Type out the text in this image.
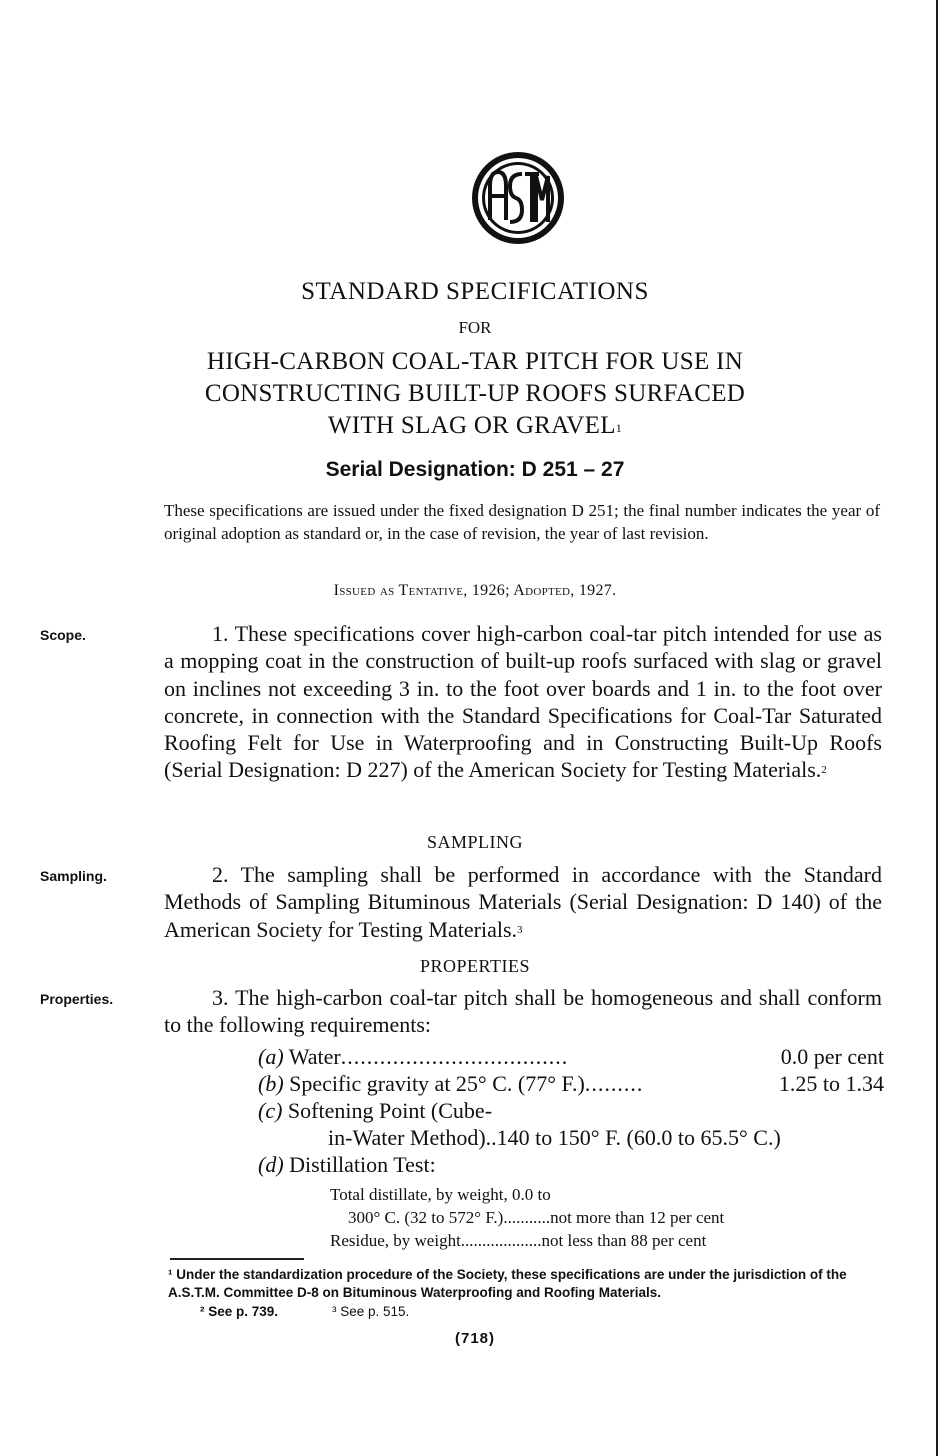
STANDARD SPECIFICATIONS
FOR
HIGH-CARBON COAL-TAR PITCH FOR USE IN
CONSTRUCTING BUILT-UP ROOFS SURFACED
WITH SLAG OR GRAVEL$^1$
Serial Designation: D 251 – 27
These specifications are issued under the fixed designation D 251; the final number indicates the year of original adoption as standard or, in the case of revision, the year of last revision.
Issued as Tentative, 1926; Adopted, 1927.
Scope.	1. These specifications cover high-carbon coal-tar pitch intended for use as a mopping coat in the construction of built-up roofs surfaced with slag or gravel on inclines not exceeding 3 in. to the foot over boards and 1 in. to the foot over concrete, in connection with the Standard Specifications for Coal-Tar Saturated Roofing Felt for Use in Waterproofing and in Constructing Built-Up Roofs (Serial Designation: D 227) of the American Society for Testing Materials.$^2$
SAMPLING
Sampling.	2. The sampling shall be performed in accordance with the Standard Methods of Sampling Bituminous Materials (Serial Designation: D 140) of the American Society for Testing Materials.$^3$
PROPERTIES
Properties.	3. The high-carbon coal-tar pitch shall be homogeneous and shall conform to the following requirements:
(a) Water...................................	0.0 per cent
(b) Specific gravity at 25° C. (77° F.).........	1.25 to 1.34
(c) Softening Point (Cube-
in-Water Method)..140 to 150° F. (60.0 to 65.5° C.)
(d) Distillation Test:
Total distillate, by weight, 0.0 to
300° C. (32 to 572° F.)...........not more than 12 per cent
Residue, by weight...................not less than 88 per cent
¹ Under the standardization procedure of the Society, these specifications are under the jurisdiction of the A.S.T.M. Committee D-8 on Bituminous Waterproofing and Roofing Materials.
² See p. 739.	³ See p. 515.
(718)
